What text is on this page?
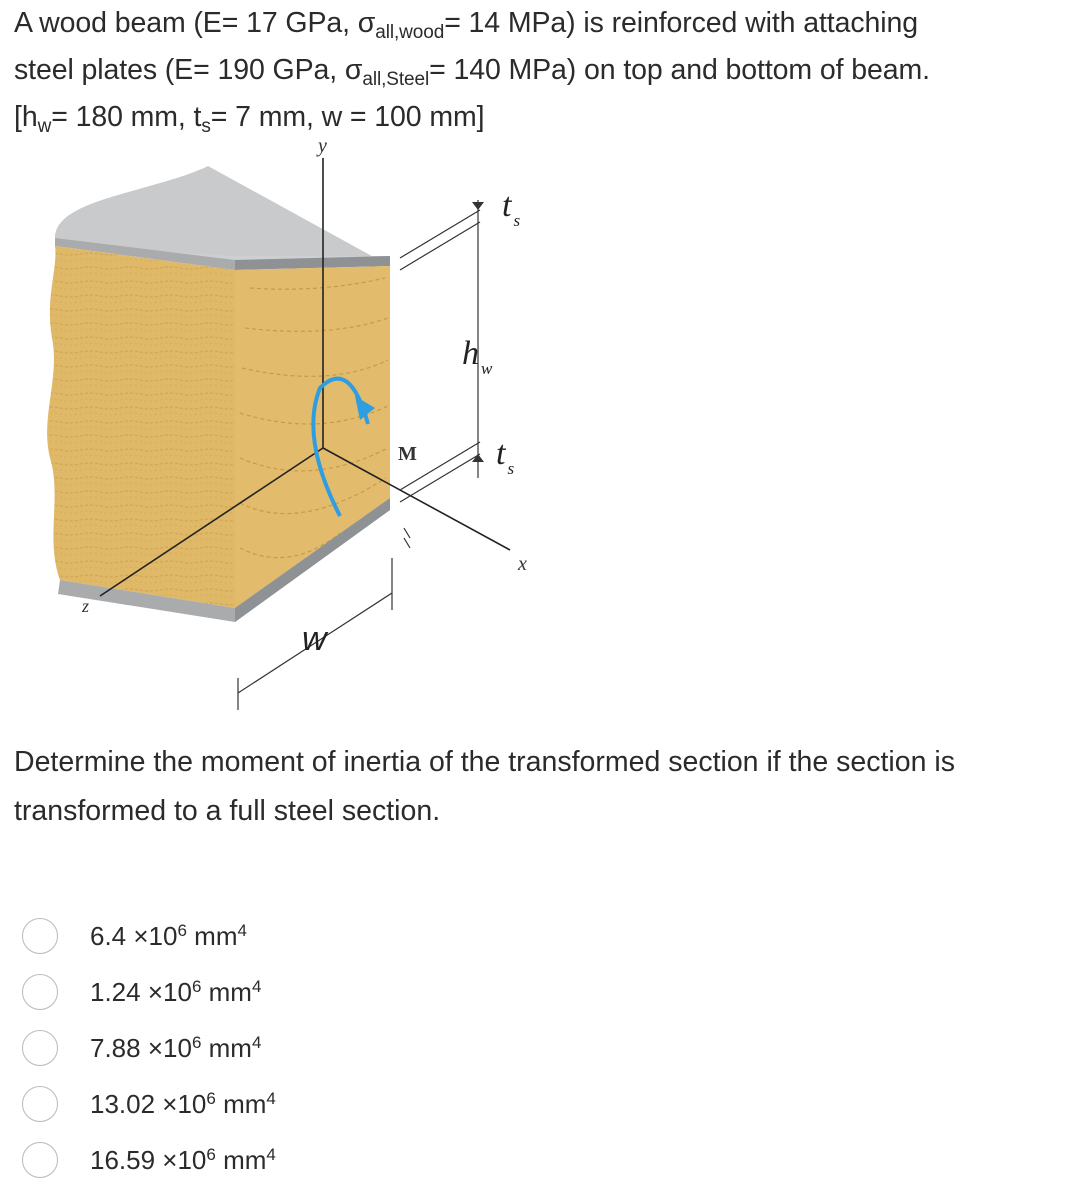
A wood beam (E= 17 GPa, $\sigma_{all,wood}= 14$ MPa) is reinforced with attaching
steel plates (E= 190 GPa, $\sigma_{all,Steel}= 140$ MPa) on top and bottom of beam.
[$h_w= 180$ mm, $t_s= 7$ mm, w = 100 mm]
y
z
x
M
t $_s$
h $_w$
t $_s$
w
Determine the moment of inertia of the transformed section if the section is transformed to a full steel section.
$6.4 \times 10^6$ $mm^4$
$1.24 \times 10^6$ $mm^4$
$7.88 \times 10^6$ $mm^4$
$13.02 \times 10^6$ $mm^4$
$16.59 \times 10^6$ $mm^4$
